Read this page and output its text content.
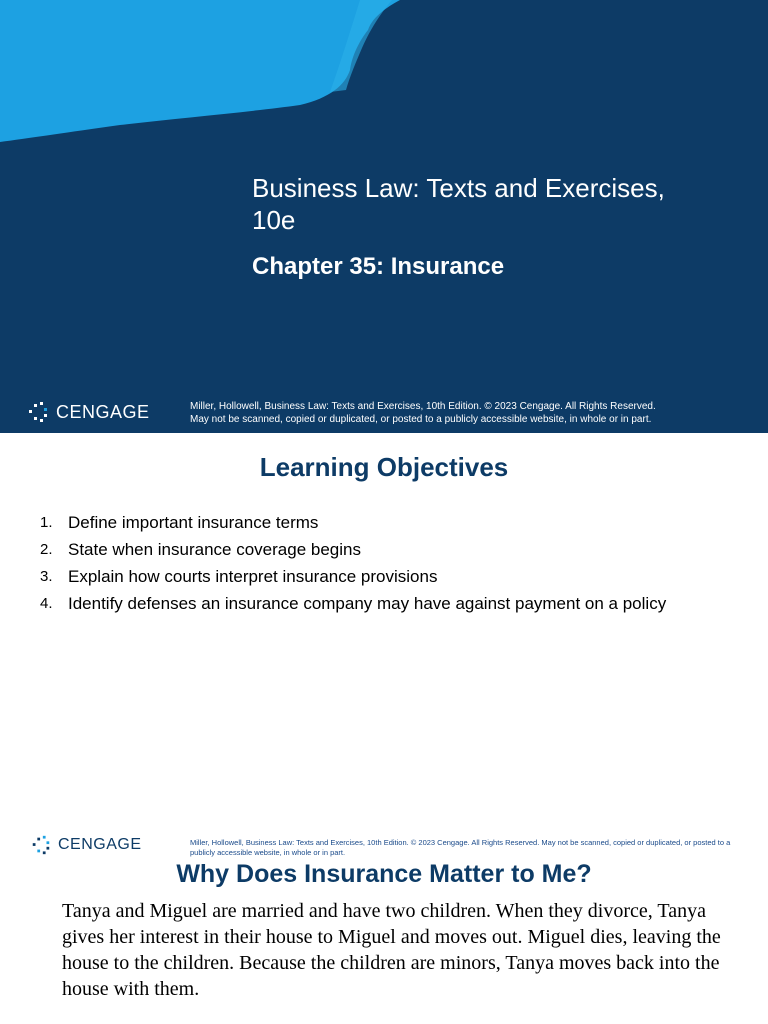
Business Law: Texts and Exercises,
10e
Chapter 35: Insurance
CENGAGE	Miller, Hollowell, Business Law: Texts and Exercises, 10th Edition. © 2023 Cengage. All Rights Reserved.
May not be scanned, copied or duplicated, or posted to a publicly accessible website, in whole or in part.
Learning Objectives
1. Define important insurance terms
2. State when insurance coverage begins
3. Explain how courts interpret insurance provisions
4. Identify defenses an insurance company may have against payment on a policy
CENGAGE	Miller, Hollowell, Business Law: Texts and Exercises, 10th Edition. © 2023 Cengage. All Rights Reserved. May not be scanned, copied or duplicated, or posted to a publicly accessible website, in whole or in part.
Why Does Insurance Matter to Me?

Tanya and Miguel are married and have two children. When they divorce, Tanya gives her interest in their house to Miguel and moves out. Miguel dies, leaving the house to the children. Because the children are minors, Tanya moves back into the house with them.
